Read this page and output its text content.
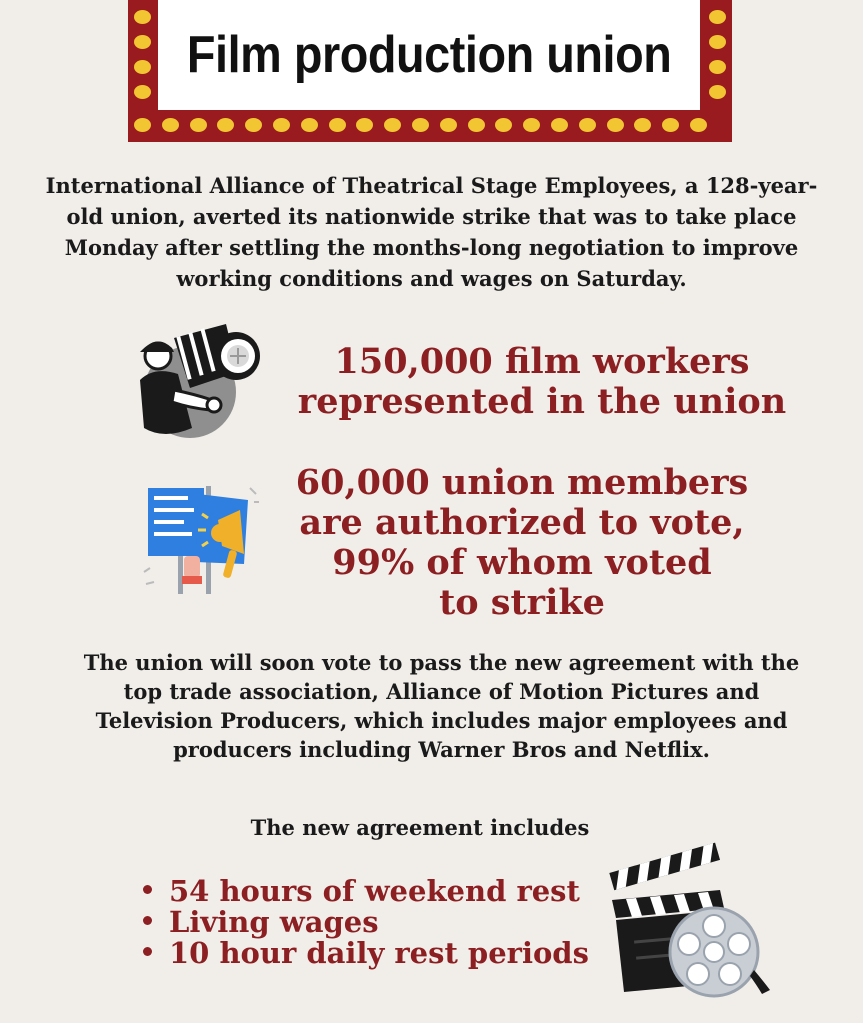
Film production union
International Alliance of Theatrical Stage Employees, a 128-year-old union, averted its nationwide strike that was to take place Monday after settling the months-long negotiation to improve working conditions and wages on Saturday.
150,000 film workers
represented in the union
60,000 union members
are authorized to vote,
99% of whom voted
to strike
The union will soon vote to pass the new agreement with the top trade association, Alliance of Motion Pictures and Television Producers, which includes major employees and producers including Warner Bros and Netflix.
The new agreement includes
54 hours of weekend rest
Living wages
10 hour daily rest periods
